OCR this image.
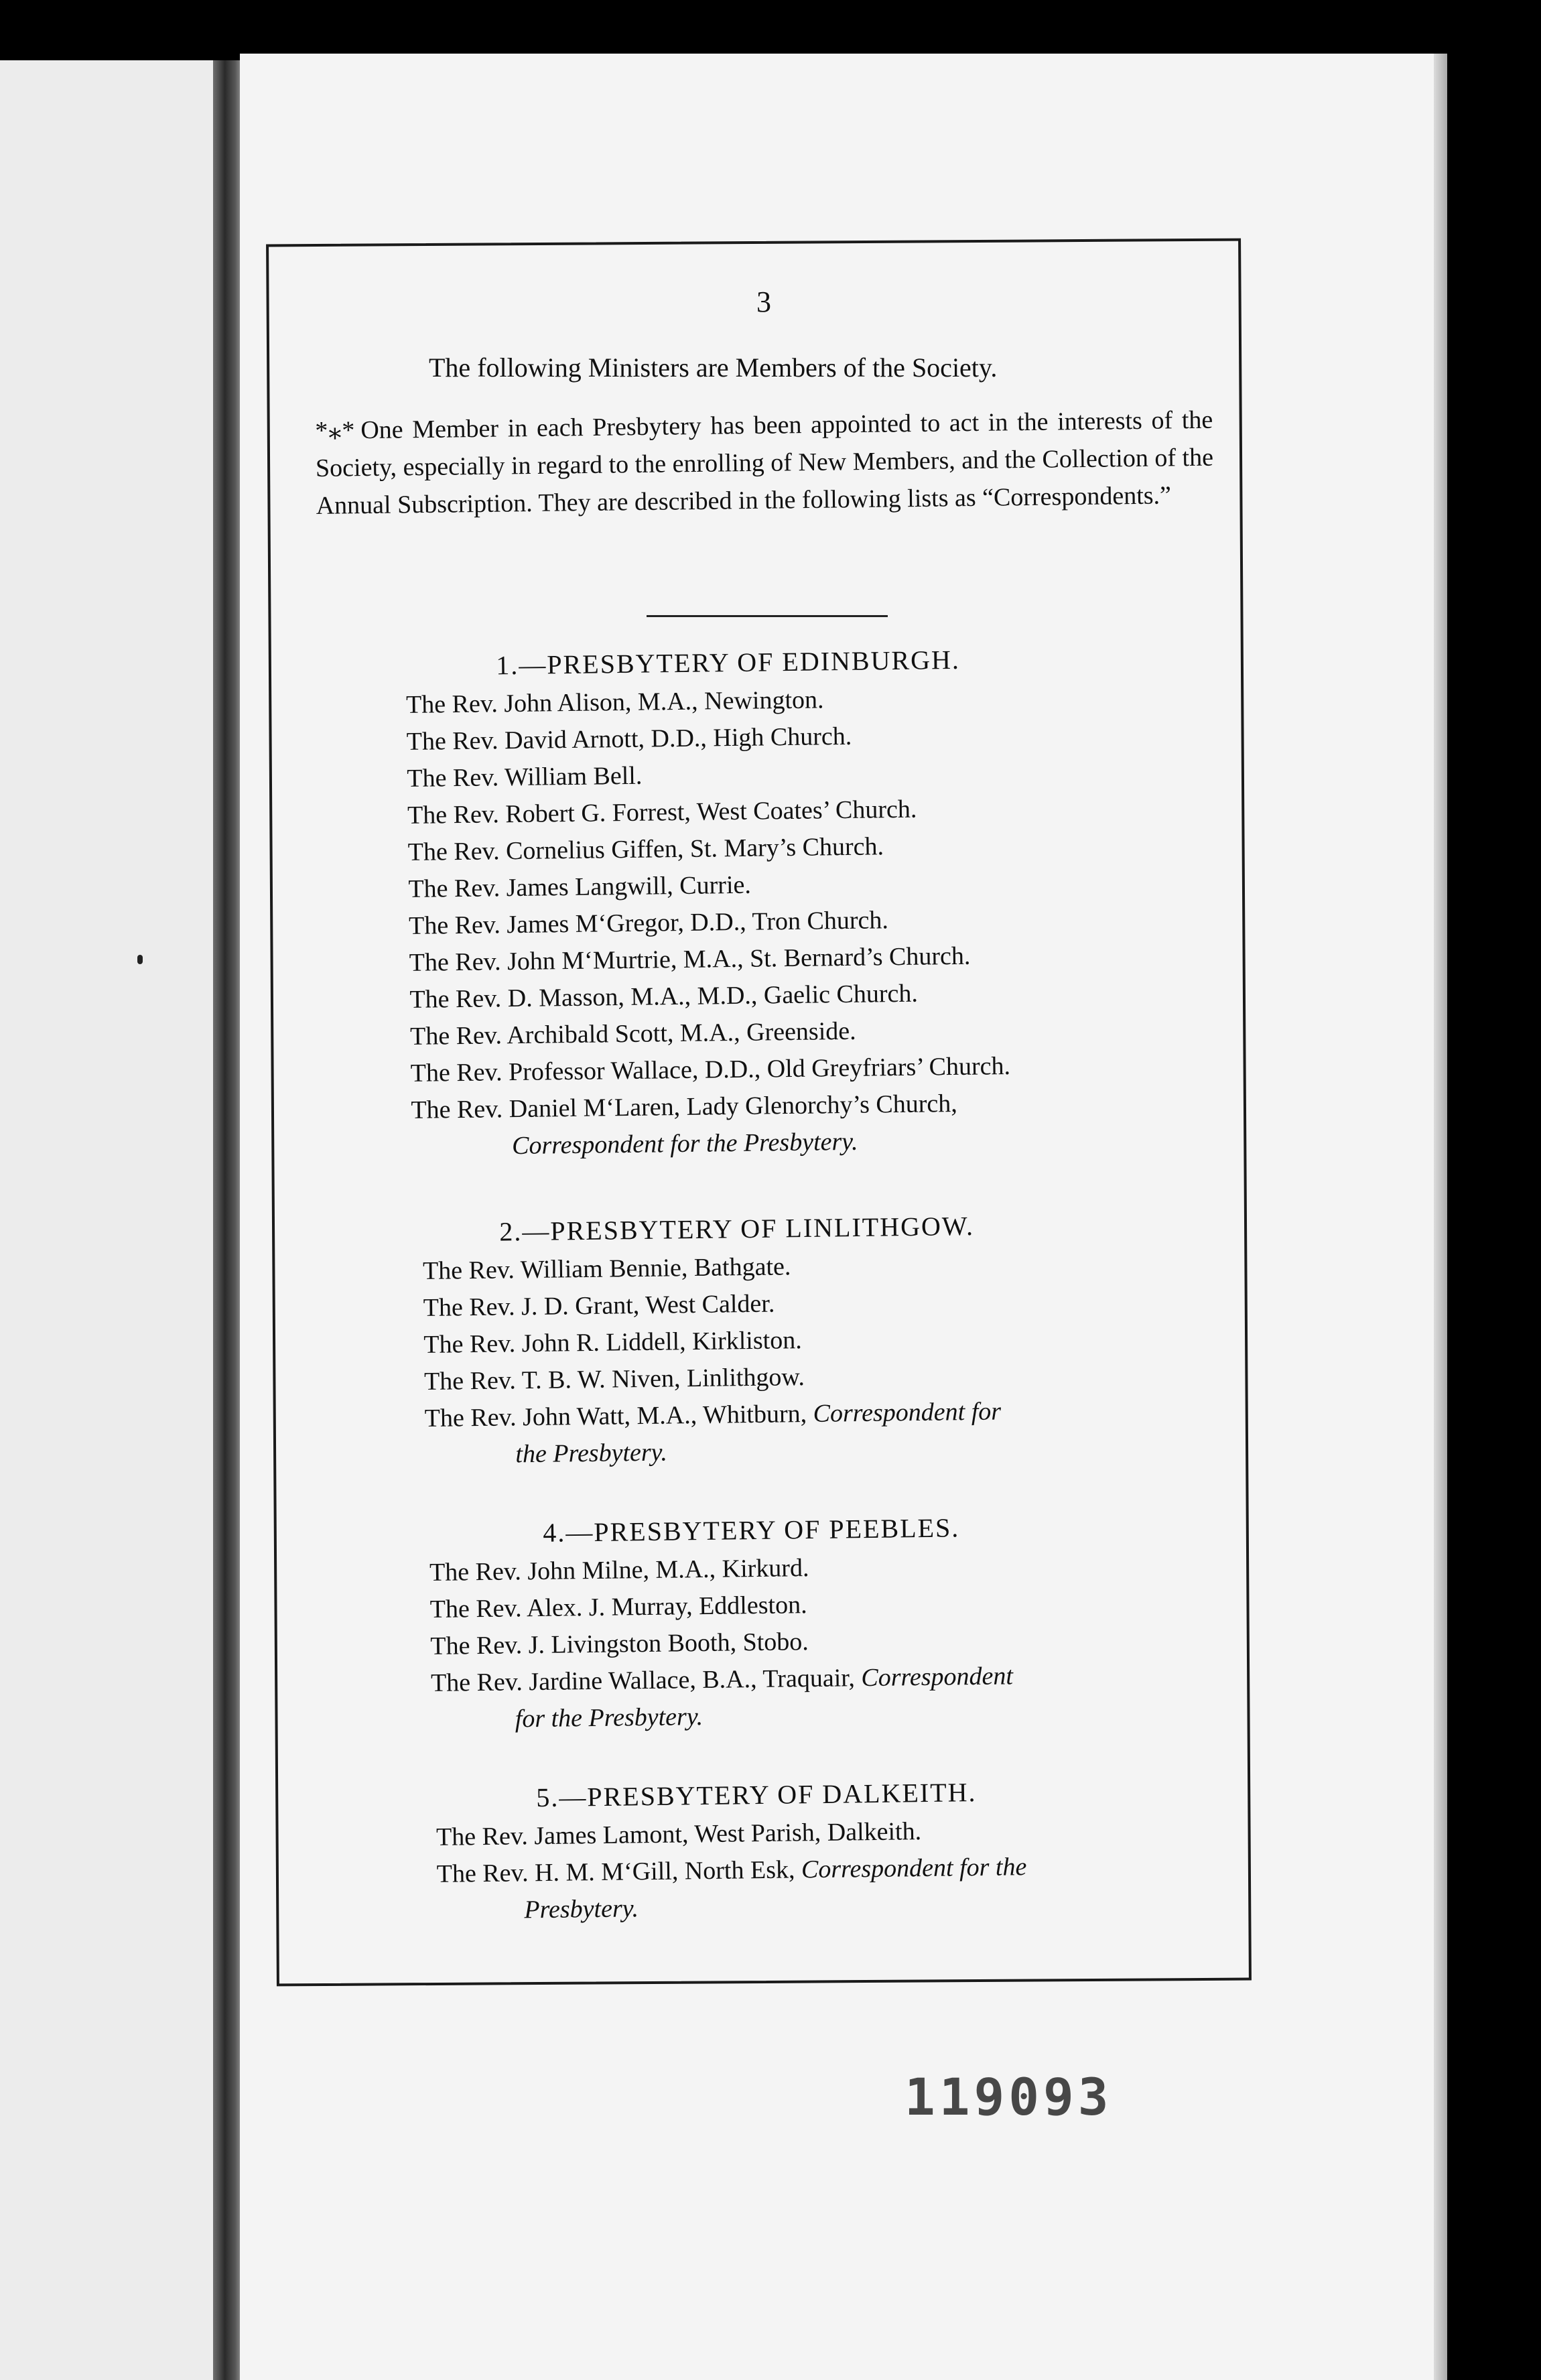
3
The following Ministers are Members of the Society.
*⁎* One Member in each Presbytery has been appointed to act in the interests of the Society, especially in regard to the enrolling of New Members, and the Collection of the Annual Subscription. They are described in the following lists as “Correspondents.”
1.—PRESBYTERY OF EDINBURGH.
The Rev. John Alison, M.A., Newington.
The Rev. David Arnott, D.D., High Church.
The Rev. William Bell.
The Rev. Robert G. Forrest, West Coates’ Church.
The Rev. Cornelius Giffen, St. Mary’s Church.
The Rev. James Langwill, Currie.
The Rev. James M‘Gregor, D.D., Tron Church.
The Rev. John M‘Murtrie, M.A., St. Bernard’s Church.
The Rev. D. Masson, M.A., M.D., Gaelic Church.
The Rev. Archibald Scott, M.A., Greenside.
The Rev. Professor Wallace, D.D., Old Greyfriars’ Church.
The Rev. Daniel M‘Laren, Lady Glenorchy’s Church,
Correspondent for the Presbytery.
2.—PRESBYTERY OF LINLITHGOW.
The Rev. William Bennie, Bathgate.
The Rev. J. D. Grant, West Calder.
The Rev. John R. Liddell, Kirkliston.
The Rev. T. B. W. Niven, Linlithgow.
The Rev. John Watt, M.A., Whitburn, Correspondent for
the Presbytery.
4.—PRESBYTERY OF PEEBLES.
The Rev. John Milne, M.A., Kirkurd.
The Rev. Alex. J. Murray, Eddleston.
The Rev. J. Livingston Booth, Stobo.
The Rev. Jardine Wallace, B.A., Traquair, Correspondent
for the Presbytery.
5.—PRESBYTERY OF DALKEITH.
The Rev. James Lamont, West Parish, Dalkeith.
The Rev. H. M. M‘Gill, North Esk, Correspondent for the
Presbytery.
119093
